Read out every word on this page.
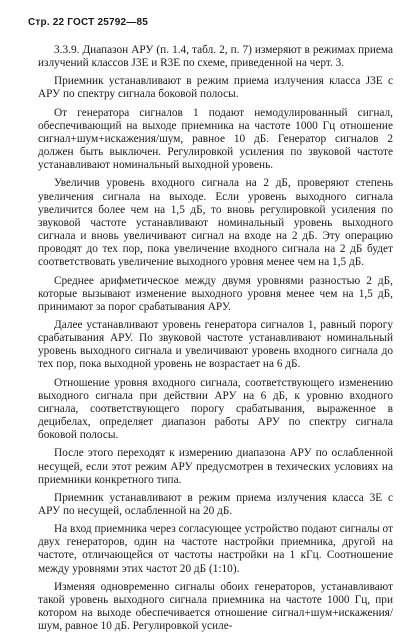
Стр. 22 ГОСТ 25792—85

3.3.9. Диапазон АРУ (п. 1.4, табл. 2, п. 7) измеряют в режимах приема излучений классов J3E и R3E по схеме, приведенной на черт. 3.

Приемник устанавливают в режим приема излучения класса J3E с АРУ по спектру сигнала боковой полосы.

От генератора сигналов 1 подают немодулированный сигнал, обеспечивающий на выходе приемника на частоте 1000 Гц отношение сигнал+шум+искажения/шум, равное 10 дБ. Генератор сигналов 2 должен быть выключен. Регулировкой усиления по звуковой частоте устанавливают номинальный выходной уровень.

Увеличив уровень входного сигнала на 2 дБ, проверяют степень увеличения сигнала на выходе. Если уровень выходного сигнала увеличится более чем на 1,5 дБ, то вновь регулировкой усиления по звуковой частоте устанавливают номинальный уровень выходного сигнала и вновь увеличивают сигнал на входе на 2 дБ. Эту операцию проводят до тех пор, пока увеличение входного сигнала на 2 дБ будет соответствовать увеличение выходного уровня менее чем на 1,5 дБ.

Среднее арифметическое между двумя уровнями разностью 2 дБ, которые вызывают изменение выходного уровня менее чем на 1,5 дБ, принимают за порог срабатывания АРУ.

Далее устанавливают уровень генератора сигналов 1, равный порогу срабатывания АРУ. По звуковой частоте устанавливают номинальный уровень выходного сигнала и увеличивают уровень входного сигнала до тех пор, пока выходной уровень не возрастает на 6 дБ.

Отношение уровня входного сигнала, соответствующего изменению выходного сигнала при действии АРУ на 6 дБ, к уровню входного сигнала, соответствующего порогу срабатывания, выраженное в децибелах, определяет диапазон работы АРУ по спектру сигнала боковой полосы.

После этого переходят к измерению диапазона АРУ по ослабленной несущей, если этот режим АРУ предусмотрен в техических условиях на приемники конкретного типа.

Приемник устанавливают в режим приема излучения класса 3E с АРУ по несущей, ослабленной на 20 дБ.

На вход приемника через согласующее устройство подают сигналы от двух генераторов, один на частоте настройки приемника, другой на частоте, отличающейся от частоты настройки на 1 кГц. Соотношение между уровнями этих частот 20 дБ (1:10).

Изменяя одновременно сигналы обоих генераторов, устанавливают такой уровень выходного сигнала приемника на частоте 1000 Гц, при котором на выходе обеспечивается отношение сигнал+шум+искажения/шум, равное 10 дБ. Регулировкой усиле-
